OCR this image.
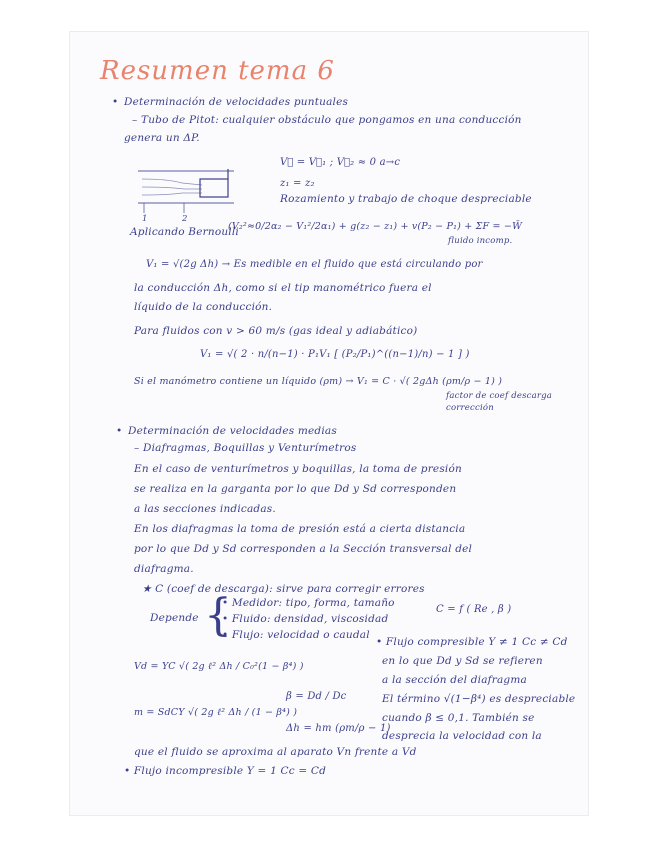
Resumen tema 6
• Determinación de velocidades puntuales
– Tubo de Pitot: cualquier obstáculo que pongamos en una conducción
genera un ΔP.
1	2
V⃗ = V⃗₁ ; V⃗₂ ≈ 0 a→c
z₁ = z₂
Rozamiento y trabajo de choque despreciable
Aplicando Bernoulli
(V₂²≈0/2α₂ − V₁²/2α₁) + g(z₂ − z₁) + v(P₂ − P₁) + ΣF = −W̄
fluido incomp.
V₁ = √(2g Δh) → Es medible en el fluido que está circulando por
la conducción Δh, como si el tip manométrico fuera el
líquido de la conducción.
Para fluidos con v > 60 m/s (gas ideal y adiabático)
V₁ = √( 2 · n/(n−1) · P₁V₁ [ (P₂/P₁)^((n−1)/n) − 1 ] )
Si el manómetro contiene un líquido (ρm) → V₁ = C · √( 2gΔh (ρm/ρ − 1) )
factor de coef descarga
corrección
• Determinación de velocidades medias
– Diafragmas, Boquillas y Venturímetros
En el caso de venturímetros y boquillas, la toma de presión
se realiza en la garganta por lo que Dd y Sd corresponden
a las secciones indicadas.
En los diafragmas la toma de presión está a cierta distancia
por lo que Dd y Sd corresponden a la Sección transversal del
diafragma.
★ C (coef de descarga): sirve para corregir errores
• Medidor: tipo, forma, tamaño
• Fluido: densidad, viscosidad
• Flujo: velocidad o caudal
{
Depende
C = f ( Re , β )
• Flujo compresible Y ≠ 1 Cc ≠ Cd
en lo que Dd y Sd se refieren
a la sección del diafragma
El término √(1−β⁴) es despreciable
cuando β ≤ 0,1. También se
desprecia la velocidad con la
Vd = YC √( 2g ℓ² Δh / C₀²(1 − β⁴) )
m = SdCY √( 2g ℓ² Δh / (1 − β⁴) )
β = Dd / Dc
Δh = hm (ρm/ρ − 1)
que el fluido se aproxima al aparato Vn frente a Vd
• Flujo incompresible Y = 1 Cc = Cd
